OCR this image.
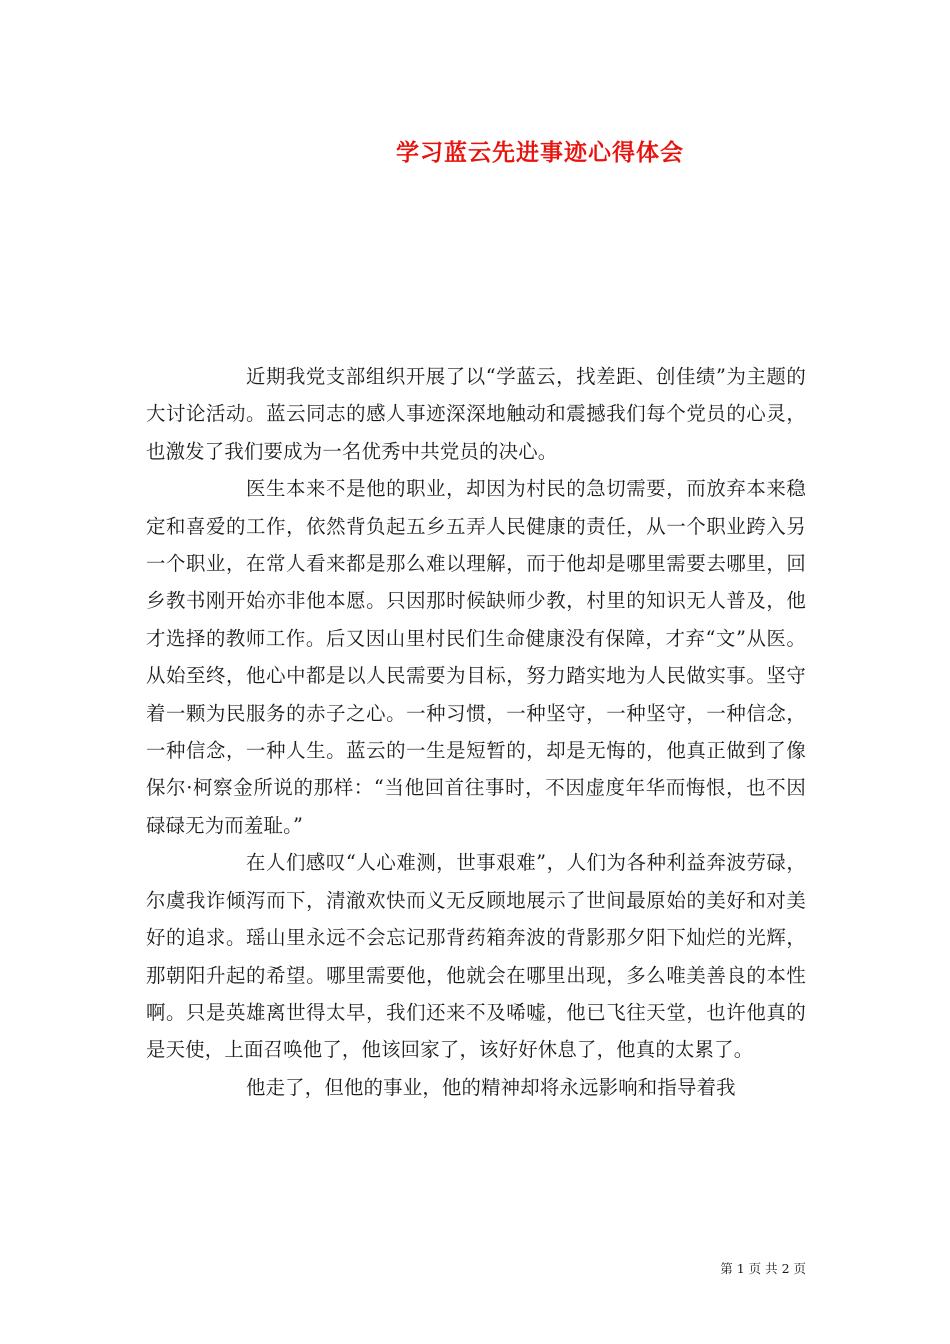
学习蓝云先进事迹心得体会

近期我党支部组织开展了以“学蓝云，找差距、创佳绩”为主题的大讨论活动。蓝云同志的感人事迹深深地触动和震撼我们每个党员的心灵，也激发了我们要成为一名优秀中共党员的决心。

医生本来不是他的职业，却因为村民的急切需要，而放弃本来稳定和喜爱的工作，依然背负起五乡五弄人民健康的责任，从一个职业跨入另一个职业，在常人看来都是那么难以理解，而于他却是哪里需要去哪里，回乡教书刚开始亦非他本愿。只因那时候缺师少教，村里的知识无人普及，他才选择的教师工作。后又因山里村民们生命健康没有保障，才弃“文”从医。从始至终，他心中都是以人民需要为目标，努力踏实地为人民做实事。坚守着一颗为民服务的赤子之心。一种习惯，一种坚守，一种坚守，一种信念，一种信念，一种人生。蓝云的一生是短暂的，却是无悔的，他真正做到了像保尔·柯察金所说的那样：“当他回首往事时，不因虚度年华而悔恨，也不因碌碌无为而羞耻。”

在人们感叹“人心难测，世事艰难”，人们为各种利益奔波劳碌，尔虞我诈倾泻而下，清澈欢快而义无反顾地展示了世间最原始的美好和对美好的追求。瑶山里永远不会忘记那背药箱奔波的背影那夕阳下灿烂的光辉，那朝阳升起的希望。哪里需要他，他就会在哪里出现，多么唯美善良的本性啊。只是英雄离世得太早，我们还来不及唏嘘，他已飞往天堂，也许他真的是天使，上面召唤他了，他该回家了，该好好休息了，他真的太累了。

他走了，但他的事业，他的精神却将永远影响和指导着我

第 1 页 共 2 页
